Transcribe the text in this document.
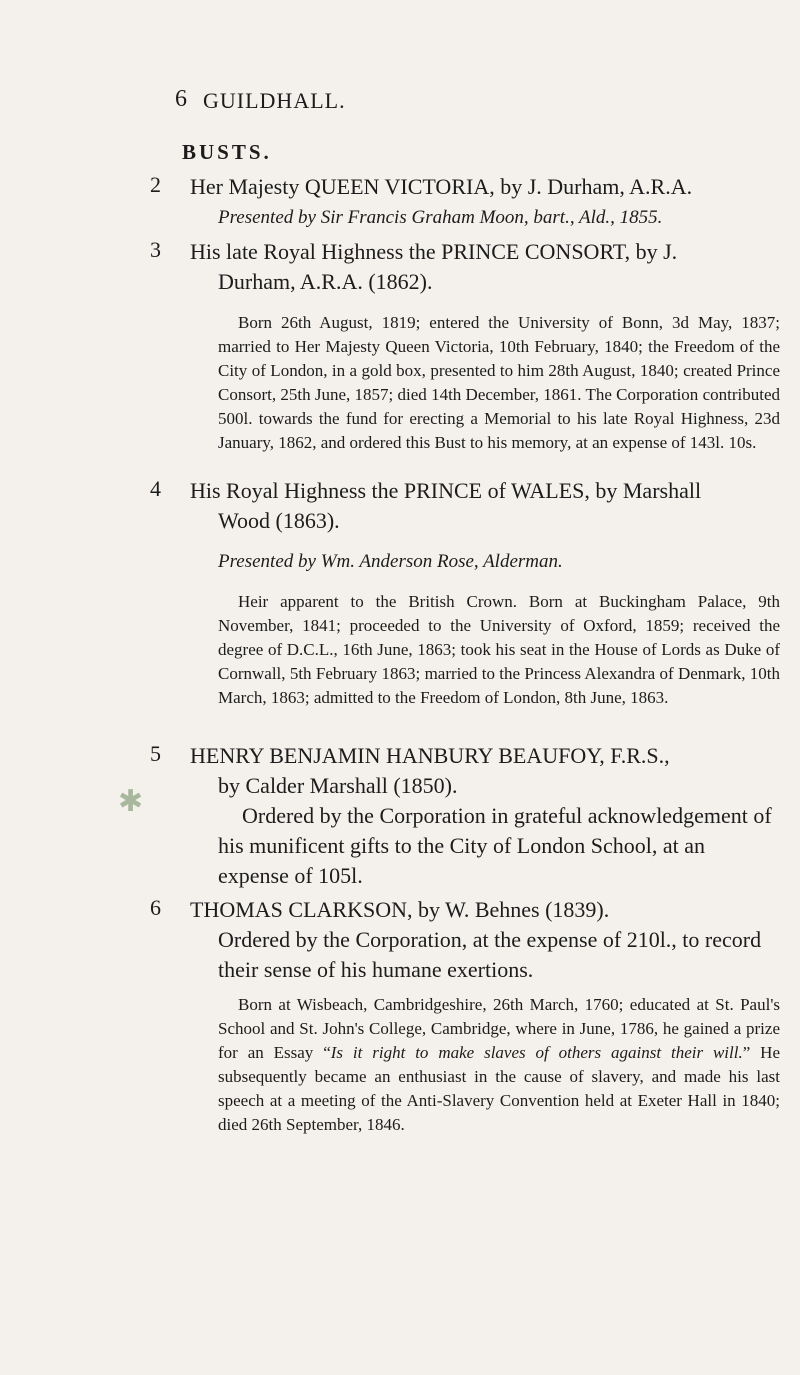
6 GUILDHALL.
BUSTS.
2 Her Majesty QUEEN VICTORIA, by J. Durham, A.R.A.
Presented by Sir Francis Graham Moon, bart., Ald., 1855.
3 His late Royal Highness the PRINCE CONSORT, by J.
Durham, A.R.A. (1862).
Born 26th August, 1819; entered the University of Bonn, 3d May, 1837; married to Her Majesty Queen Victoria, 10th February, 1840; the Freedom of the City of London, in a gold box, presented to him 28th August, 1840; created Prince Consort, 25th June, 1857; died 14th December, 1861. The Corporation contributed 500l. towards the fund for erecting a Memorial to his late Royal Highness, 23d January, 1862, and ordered this Bust to his memory, at an expense of 143l. 10s.
4 His Royal Highness the PRINCE of WALES, by Marshall
Wood (1863).
Presented by Wm. Anderson Rose, Alderman.
Heir apparent to the British Crown. Born at Buckingham Palace, 9th November, 1841; proceeded to the University of Oxford, 1859; received the degree of D.C.L., 16th June, 1863; took his seat in the House of Lords as Duke of Cornwall, 5th February 1863; married to the Princess Alexandra of Denmark, 10th March, 1863; admitted to the Freedom of London, 8th June, 1863.
5 HENRY BENJAMIN HANBURY BEAUFOY, F.R.S.,
by Calder Marshall (1850).
Ordered by the Corporation in grateful acknowledgement of his munificent gifts to the City of London School, at an expense of 105l.
✱
6 THOMAS CLARKSON, by W. Behnes (1839).
Ordered by the Corporation, at the expense of 210l., to record their sense of his humane exertions.
Born at Wisbeach, Cambridgeshire, 26th March, 1760; educated at St. Paul's School and St. John's College, Cambridge, where in June, 1786, he gained a prize for an Essay “Is it right to make slaves of others against their will.” He subsequently became an enthusiast in the cause of slavery, and made his last speech at a meeting of the Anti-Slavery Convention held at Exeter Hall in 1840; died 26th September, 1846.
